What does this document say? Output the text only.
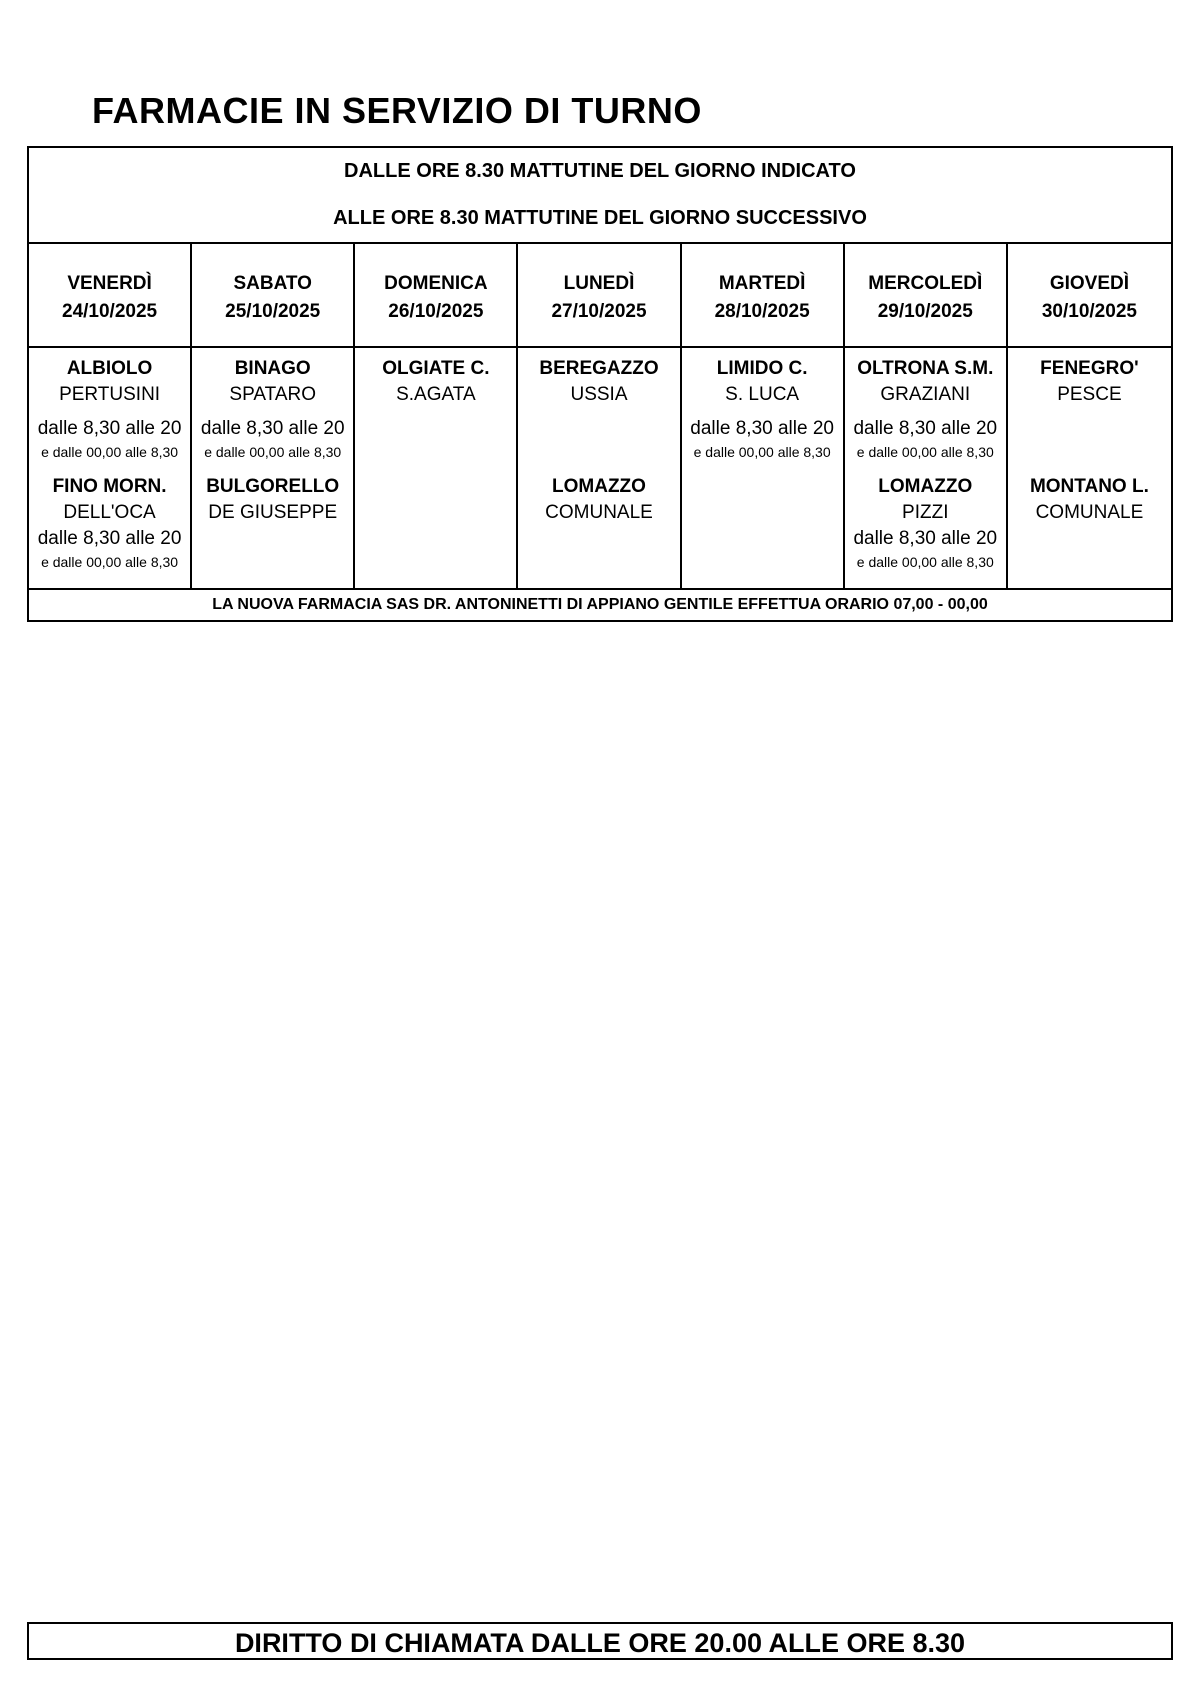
FARMACIE IN SERVIZIO DI TURNO
DALLE ORE 8.30 MATTUTINE DEL GIORNO INDICATO
ALLE ORE 8.30 MATTUTINE DEL GIORNO SUCCESSIVO
VENERDÌ
24/10/2025
SABATO
25/10/2025
DOMENICA
26/10/2025
LUNEDÌ
27/10/2025
MARTEDÌ
28/10/2025
MERCOLEDÌ
29/10/2025
GIOVEDÌ
30/10/2025
ALBIOLO
PERTUSINI
dalle 8,30 alle 20
e dalle 00,00 alle 8,30
FINO MORN.
DELL'OCA
dalle 8,30 alle 20
e dalle 00,00 alle 8,30
BINAGO
SPATARO
dalle 8,30 alle 20
e dalle 00,00 alle 8,30
BULGORELLO
DE GIUSEPPE
OLGIATE C.
S.AGATA
BEREGAZZO
USSIA
LOMAZZO
COMUNALE
LIMIDO C.
S. LUCA
dalle 8,30 alle 20
e dalle 00,00 alle 8,30
OLTRONA S.M.
GRAZIANI
dalle 8,30 alle 20
e dalle 00,00 alle 8,30
LOMAZZO
PIZZI
dalle 8,30 alle 20
e dalle 00,00 alle 8,30
FENEGRO'
PESCE
MONTANO L.
COMUNALE
LA NUOVA FARMACIA SAS DR. ANTONINETTI DI APPIANO GENTILE EFFETTUA ORARIO 07,00 - 00,00
DIRITTO DI CHIAMATA DALLE ORE 20.00 ALLE ORE 8.30
